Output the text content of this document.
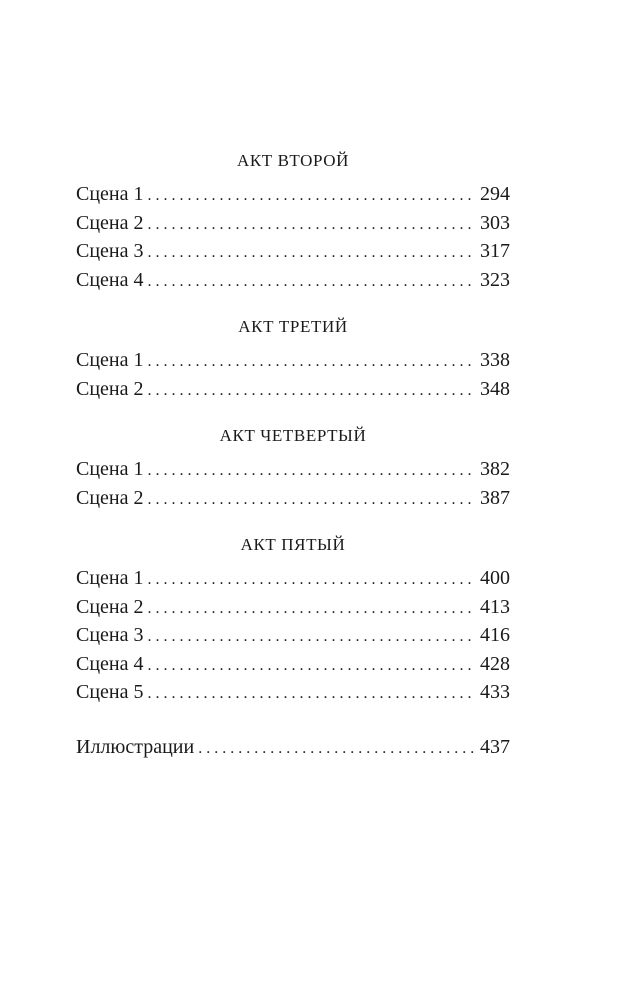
АКТ ВТОРОЙ
Сцена 1 . . .	294
Сцена 2 . . .	303
Сцена 3 . . .	317
Сцена 4 . . .	323
АКТ ТРЕТИЙ
Сцена 1 . . .	338
Сцена 2 . . .	348
АКТ ЧЕТВЕРТЫЙ
Сцена 1 . . .	382
Сцена 2 . . .	387
АКТ ПЯТЫЙ
Сцена 1 . . .	400
Сцена 2 . . .	413
Сцена 3 . . .	416
Сцена 4 . . .	428
Сцена 5 . . .	433
Иллюстрации . . .	437
